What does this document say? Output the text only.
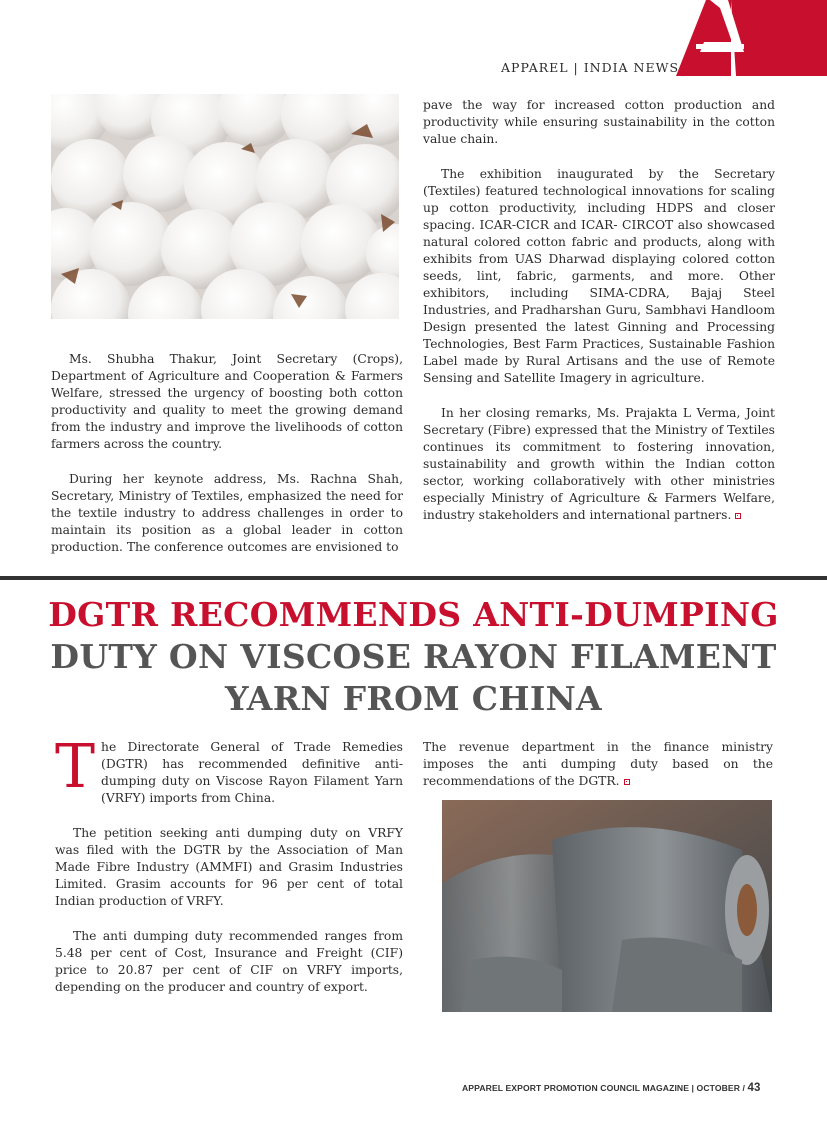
APPAREL | INDIA NEWS

Ms. Shubha Thakur, Joint Secretary (Crops), Department of Agriculture and Cooperation & Farmers Welfare, stressed the urgency of boosting both cotton productivity and quality to meet the growing demand from the industry and improve the livelihoods of cotton farmers across the country.

During her keynote address, Ms. Rachna Shah, Secretary, Ministry of Textiles, emphasized the need for the textile industry to address challenges in order to maintain its position as a global leader in cotton production. The conference outcomes are envisioned to

pave the way for increased cotton production and productivity while ensuring sustainability in the cotton value chain.

The exhibition inaugurated by the Secretary (Textiles) featured technological innovations for scaling up cotton productivity, including HDPS and closer spacing. ICAR-CICR and ICAR- CIRCOT also showcased natural colored cotton fabric and products, along with exhibits from UAS Dharwad displaying colored cotton seeds, lint, fabric, garments, and more. Other exhibitors, including SIMA-CDRA, Bajaj Steel Industries, and Pradharshan Guru, Sambhavi Handloom Design presented the latest Ginning and Processing Technologies, Best Farm Practices, Sustainable Fashion Label made by Rural Artisans and the use of Remote Sensing and Satellite Imagery in agriculture.

In her closing remarks, Ms. Prajakta L Verma, Joint Secretary (Fibre) expressed that the Ministry of Textiles continues its commitment to fostering innovation, sustainability and growth within the Indian cotton sector, working collaboratively with other ministries especially Ministry of Agriculture & Farmers Welfare, industry stakeholders and international partners.

DGTR RECOMMENDS ANTI-DUMPING
DUTY ON VISCOSE RAYON FILAMENT
YARN FROM CHINA

The Directorate General of Trade Remedies (DGTR) has recommended definitive anti-dumping duty on Viscose Rayon Filament Yarn (VRFY) imports from China.

The petition seeking anti dumping duty on VRFY was filed with the DGTR by the Association of Man Made Fibre Industry (AMMFI) and Grasim Industries Limited. Grasim accounts for 96 per cent of total Indian production of VRFY.

The anti dumping duty recommended ranges from 5.48 per cent of Cost, Insurance and Freight (CIF) price to 20.87 per cent of CIF on VRFY imports, depending on the producer and country of export.

The revenue department in the finance ministry imposes the anti dumping duty based on the recommendations of the DGTR.

APPAREL EXPORT PROMOTION COUNCIL MAGAZINE | OCTOBER / 43
